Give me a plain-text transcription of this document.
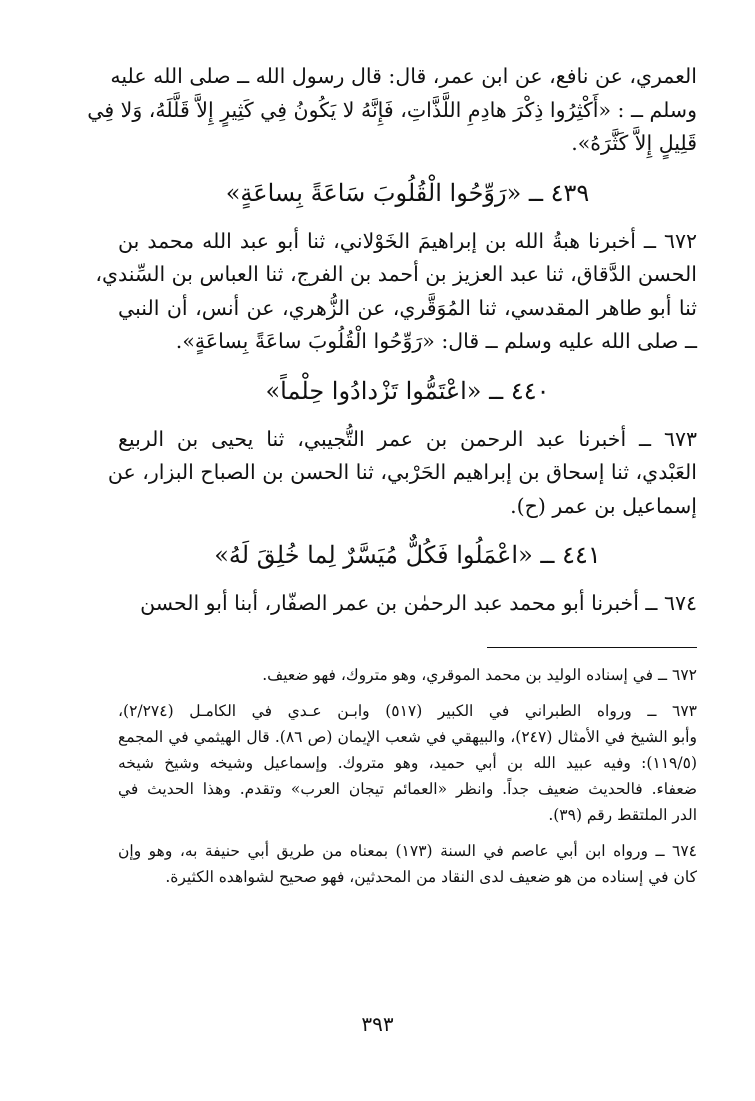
العمري، عن نافع، عن ابن عمر، قال: قال رسول الله ــ صلى الله عليه
وسلم ــ : «أَكْثِرُوا ذِكْرَ هادِمِ اللَّذَّاتِ، فَإِنَّهُ لا يَكُونُ فِي كَثِيرٍ إِلاَّ قَلَّلَهُ، وَلا فِي
قَلِيلٍ إِلاَّ كَثَّرَهُ».

٤٣٩ ــ «رَوِّحُوا الْقُلُوبَ سَاعَةً بِساعَةٍ»

٦٧٢ ــ أخبرنا هبةُ الله بن إبراهيمَ الخَوْلاني، ثنا أبو عبد الله محمد بن
الحسن الدَّقاق، ثنا عبد العزيز بن أحمد بن الفرج، ثنا العباس بن السِّندي،
ثنا أبو طاهر المقدسي، ثنا المُوَقَّري، عن الزُّهري، عن أنس، أن النبي
ــ صلى الله عليه وسلم ــ قال: «رَوِّحُوا الْقُلُوبَ ساعَةً بِساعَةٍ».

٤٤٠ ــ «اعْتَمُّوا تَزْدادُوا حِلْماً»

٦٧٣ ــ أخبرنا عبد الرحمن بن عمر التُّجيبي، ثنا يحيى بن الربيع
العَبْدي، ثنا إسحاق بن إبراهيم الحَرْبي، ثنا الحسن بن الصباح البزار، عن
إسماعيل بن عمر (ح).

٤٤١ ــ «اعْمَلُوا فَكُلٌّ مُيَسَّرٌ لِما خُلِقَ لَهُ»

٦٧٤ ــ أخبرنا أبو محمد عبد الرحمٰن بن عمر الصفّار، أبنا أبو الحسن

٦٧٢ ــ في إسناده الوليد بن محمد الموقري، وهو متروك، فهو ضعيف.

٦٧٣ ــ ورواه الطبراني في الكبير (٥١٧) وابـن عـدي في الكامـل (٢/٢٧٤)،
وأبو الشيخ في الأمثال (٢٤٧)، والبيهقي في شعب الإيمان (ص ٨٦). قال الهيثمي في المجمع
(١١٩/٥): وفيه عبيد الله بن أبي حميد، وهو متروك. وإسماعيل وشيخه وشيخ شيخه
ضعفاء. فالحديث ضعيف جداً. وانظر «العمائم تيجان العرب» وتقدم. وهذا الحديث في
الدر الملتقط رقم (٣٩).

٦٧٤ ــ ورواه ابن أبي عاصم في السنة (١٧٣) بمعناه من طريق أبي حنيفة به، وهو وإن
كان في إسناده من هو ضعيف لدى النقاد من المحدثين، فهو صحيح لشواهده الكثيرة.

٣٩٣
